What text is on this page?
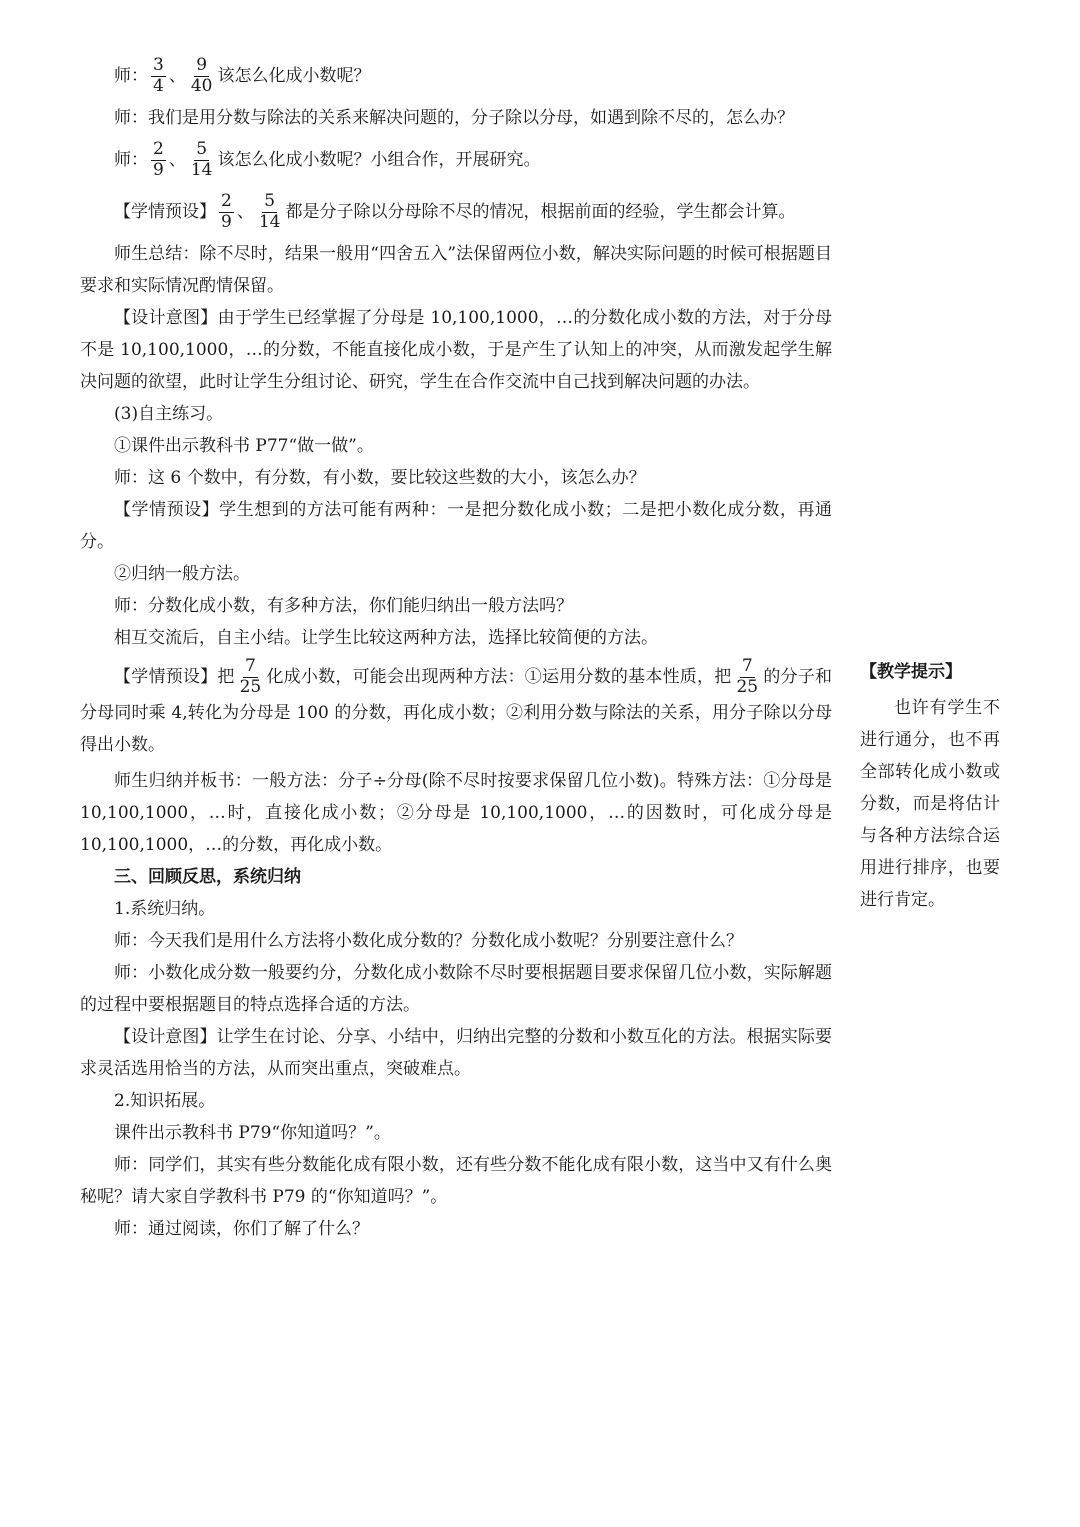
师： $\frac{3}{4}$ 、 $\frac{9}{40}$ 该怎么化成小数呢？

师：我们是用分数与除法的关系来解决问题的，分子除以分母，如遇到除不尽的，怎么办？

师： $\frac{2}{9}$ 、 $\frac{5}{14}$ 该怎么化成小数呢？小组合作，开展研究。

【学情预设】 $\frac{2}{9}$ 、 $\frac{5}{14}$ 都是分子除以分母除不尽的情况，根据前面的经验，学生都会计算。

师生总结：除不尽时，结果一般用“四舍五入”法保留两位小数，解决实际问题的时候可根据题目要求和实际情况酌情保留。

【设计意图】由于学生已经掌握了分母是 10,100,1000，…的分数化成小数的方法，对于分母不是 10,100,1000，…的分数，不能直接化成小数，于是产生了认知上的冲突，从而激发起学生解决问题的欲望，此时让学生分组讨论、研究，学生在合作交流中自己找到解决问题的办法。

(3)自主练习。

①课件出示教科书 P77“做一做”。

师：这 6 个数中，有分数，有小数，要比较这些数的大小，该怎么办？

【学情预设】学生想到的方法可能有两种：一是把分数化成小数；二是把小数化成分数，再通分。

②归纳一般方法。

师：分数化成小数，有多种方法，你们能归纳出一般方法吗？

相互交流后，自主小结。让学生比较这两种方法，选择比较简便的方法。

【学情预设】把 $\frac{7}{25}$ 化成小数，可能会出现两种方法：①运用分数的基本性质，把 $\frac{7}{25}$ 的分子和分母同时乘 4,转化为分母是 100 的分数，再化成小数；②利用分数与除法的关系，用分子除以分母得出小数。

师生归纳并板书：一般方法：分子÷分母(除不尽时按要求保留几位小数)。特殊方法：①分母是 10,100,1000，…时，直接化成小数；②分母是 10,100,1000，…的因数时，可化成分母是 10,100,1000，…的分数，再化成小数。

三、回顾反思，系统归纳

1.系统归纳。

师：今天我们是用什么方法将小数化成分数的？分数化成小数呢？分别要注意什么？

师：小数化成分数一般要约分，分数化成小数除不尽时要根据题目要求保留几位小数，实际解题的过程中要根据题目的特点选择合适的方法。

【设计意图】让学生在讨论、分享、小结中，归纳出完整的分数和小数互化的方法。根据实际要求灵活选用恰当的方法，从而突出重点，突破难点。

2.知识拓展。

课件出示教科书 P79“你知道吗？”。

师：同学们，其实有些分数能化成有限小数，还有些分数不能化成有限小数，这当中又有什么奥秘呢？请大家自学教科书 P79 的“你知道吗？”。

师：通过阅读，你们了解了什么？

【教学提示】

也许有学生不进行通分，也不再全部转化成小数或分数，而是将估计与各种方法综合运用进行排序，也要进行肯定。
